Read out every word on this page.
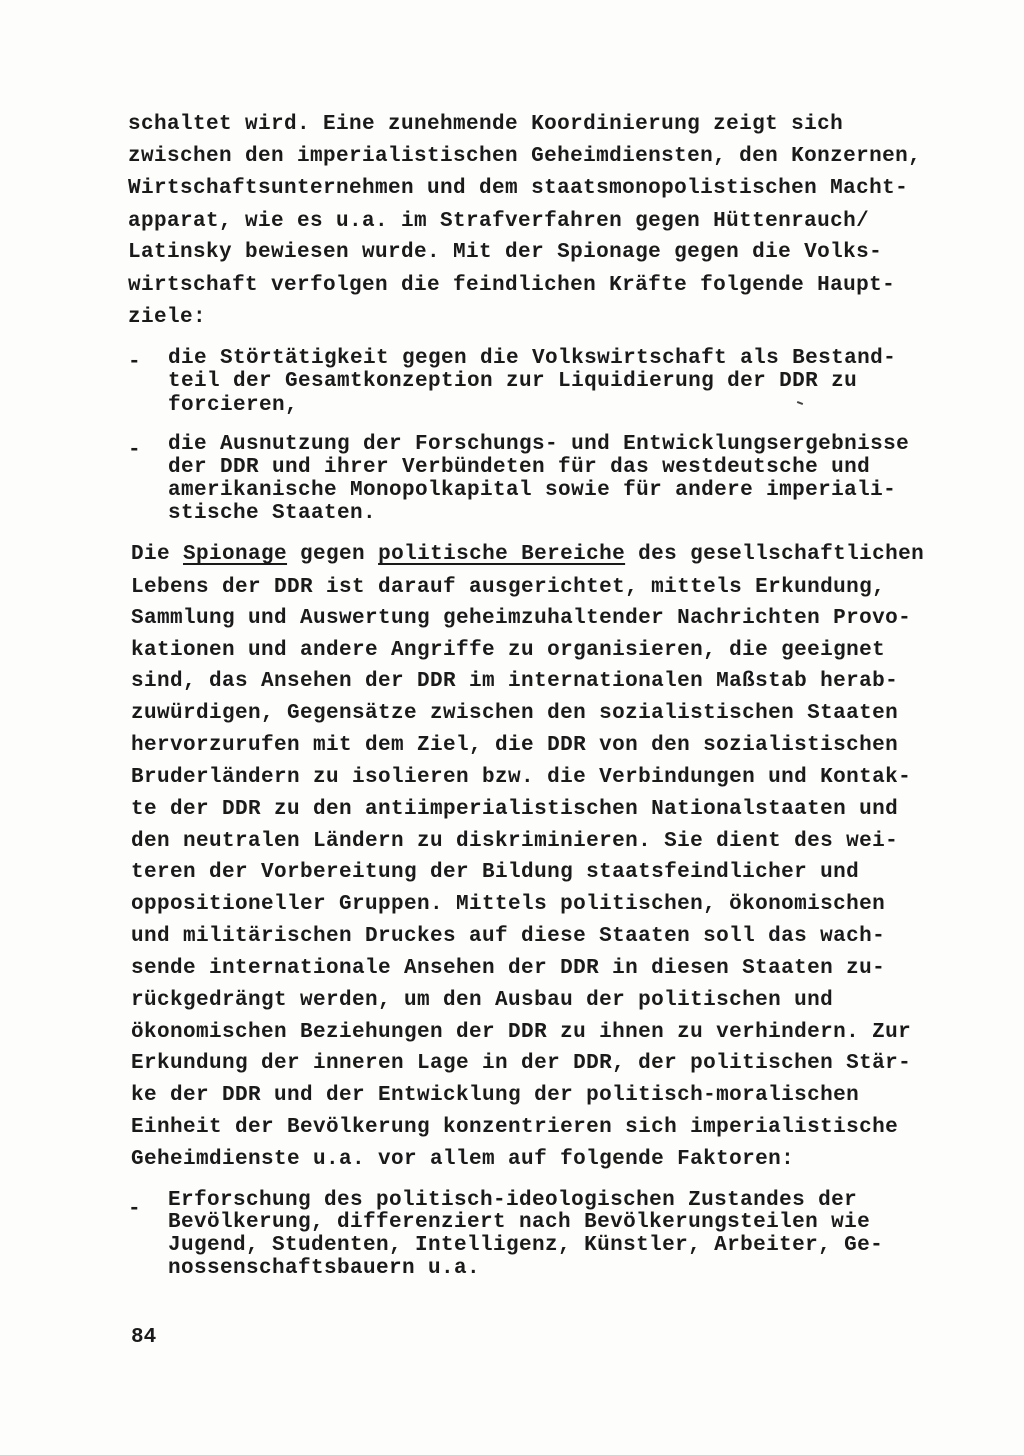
schaltet wird. Eine zunehmende Koordinierung zeigt sich
zwischen den imperialistischen Geheimdiensten, den Konzernen,
Wirtschaftsunternehmen und dem staatsmonopolistischen Macht-
apparat, wie es u.a. im Strafverfahren gegen Hüttenrauch/
Latinsky bewiesen wurde. Mit der Spionage gegen die Volks-
wirtschaft verfolgen die feindlichen Kräfte folgende Haupt-
ziele:
- die Störtätigkeit gegen die Volkswirtschaft als Bestand-
teil der Gesamtkonzeption zur Liquidierung der DDR zu
forcieren,
- die Ausnutzung der Forschungs- und Entwicklungsergebnisse
der DDR und ihrer Verbündeten für das westdeutsche und
amerikanische Monopolkapital sowie für andere imperiali-
stische Staaten.
Die Spionage gegen politische Bereiche des gesellschaftlichen
Lebens der DDR ist darauf ausgerichtet, mittels Erkundung,
Sammlung und Auswertung geheimzuhaltender Nachrichten Provo-
kationen und andere Angriffe zu organisieren, die geeignet
sind, das Ansehen der DDR im internationalen Maßstab herab-
zuwürdigen, Gegensätze zwischen den sozialistischen Staaten
hervorzurufen mit dem Ziel, die DDR von den sozialistischen
Bruderländern zu isolieren bzw. die Verbindungen und Kontak-
te der DDR zu den antiimperialistischen Nationalstaaten und
den neutralen Ländern zu diskriminieren. Sie dient des wei-
teren der Vorbereitung der Bildung staatsfeindlicher und
oppositioneller Gruppen. Mittels politischen, ökonomischen
und militärischen Druckes auf diese Staaten soll das wach-
sende internationale Ansehen der DDR in diesen Staaten zu-
rückgedrängt werden, um den Ausbau der politischen und
ökonomischen Beziehungen der DDR zu ihnen zu verhindern. Zur
Erkundung der inneren Lage in der DDR, der politischen Stär-
ke der DDR und der Entwicklung der politisch-moralischen
Einheit der Bevölkerung konzentrieren sich imperialistische
Geheimdienste u.a. vor allem auf folgende Faktoren:
- Erforschung des politisch-ideologischen Zustandes der
Bevölkerung, differenziert nach Bevölkerungsteilen wie
Jugend, Studenten, Intelligenz, Künstler, Arbeiter, Ge-
nossenschaftsbauern u.a.
84
